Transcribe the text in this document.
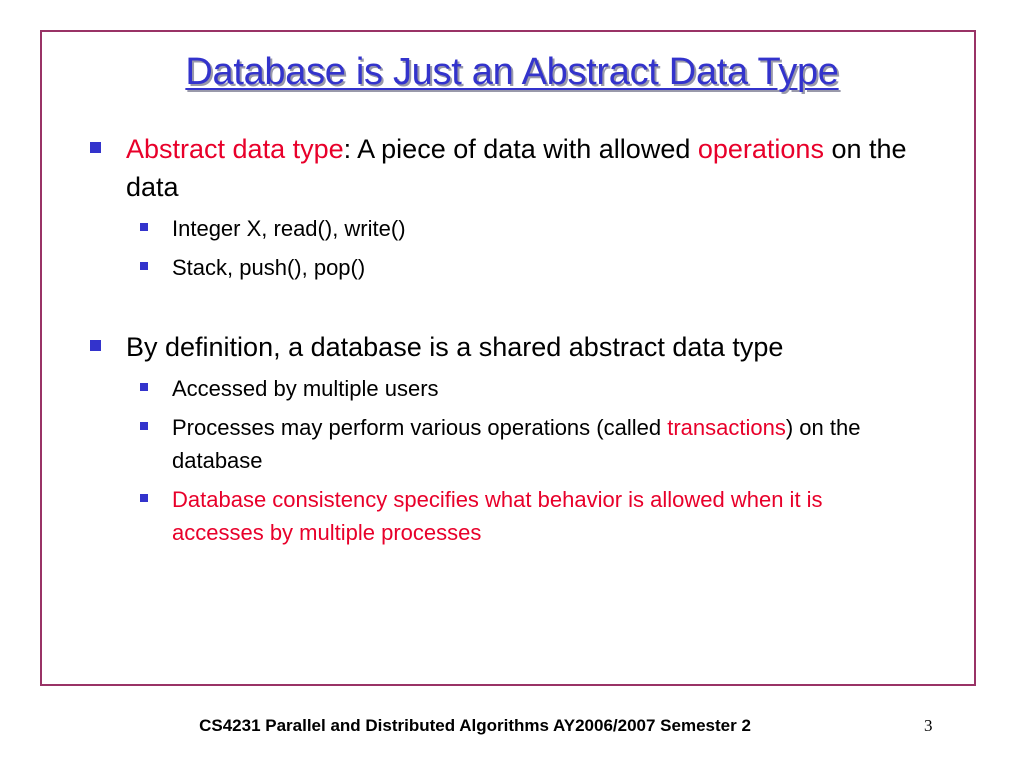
Database is Just an Abstract Data Type
Abstract data type: A piece of data with allowed operations on the data
Integer X, read(), write()
Stack, push(), pop()
By definition, a database is a shared abstract data type
Accessed by multiple users
Processes may perform various operations (called transactions) on the database
Database consistency specifies what behavior is allowed when it is accesses by multiple processes
CS4231 Parallel and Distributed Algorithms AY2006/2007 Semester 2	3
